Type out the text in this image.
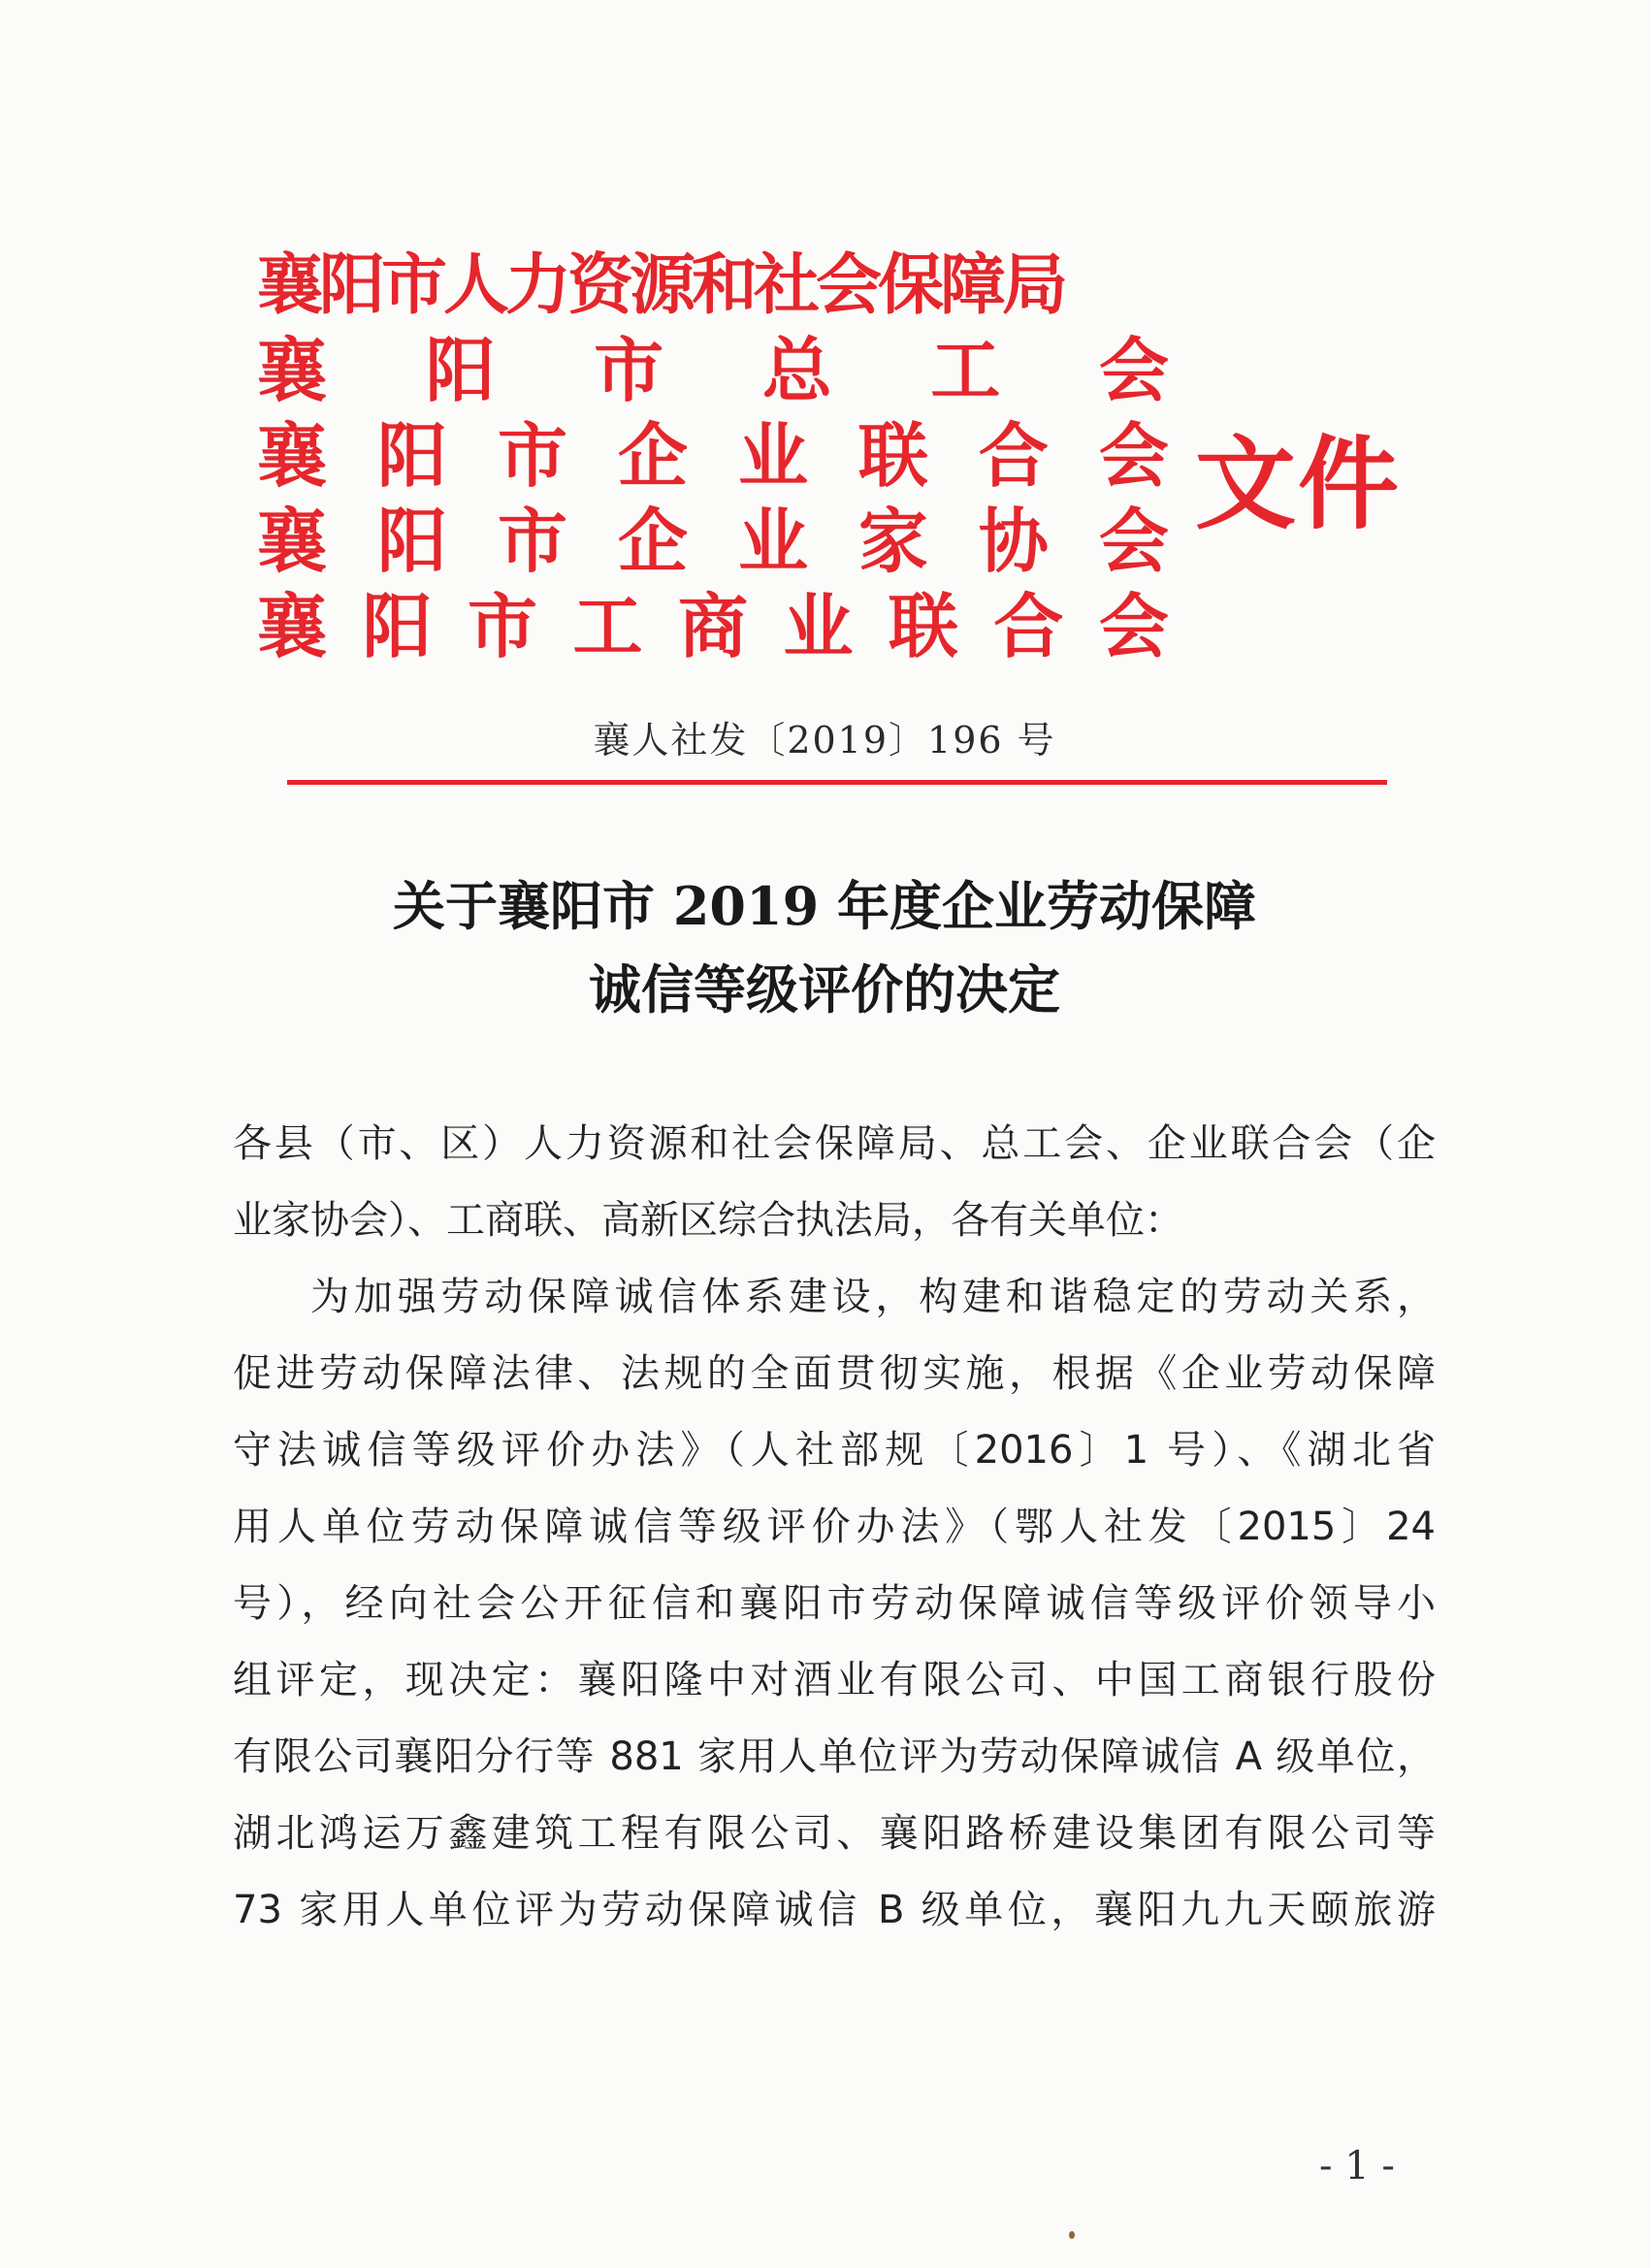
襄阳市人力资源和社会保障局
襄 阳 市 总 工 会
襄 阳 市 企 业 联 合 会
襄 阳 市 企 业 家 协 会
襄 阳 市 工 商 业 联 合 会
文件
襄人社发〔2019〕196 号
关于襄阳市 2019 年度企业劳动保障
诚信等级评价的决定
各县（市、区）人力资源和社会保障局、总工会、企业联合会（企
业家协会）、工商联、高新区综合执法局，各有关单位：
为加强劳动保障诚信体系建设，构建和谐稳定的劳动关系，
促进劳动保障法律、法规的全面贯彻实施，根据《企业劳动保障
守法诚信等级评价办法》（人社部规〔2016〕1 号）、《湖北省
用人单位劳动保障诚信等级评价办法》（鄂人社发〔2015〕24
号），经向社会公开征信和襄阳市劳动保障诚信等级评价领导小
组评定，现决定：襄阳隆中对酒业有限公司、中国工商银行股份
有限公司襄阳分行等 881 家用人单位评为劳动保障诚信 A 级单位，
湖北鸿运万鑫建筑工程有限公司、襄阳路桥建设集团有限公司等
73 家用人单位评为劳动保障诚信 B 级单位，襄阳九九天颐旅游
- 1 -
